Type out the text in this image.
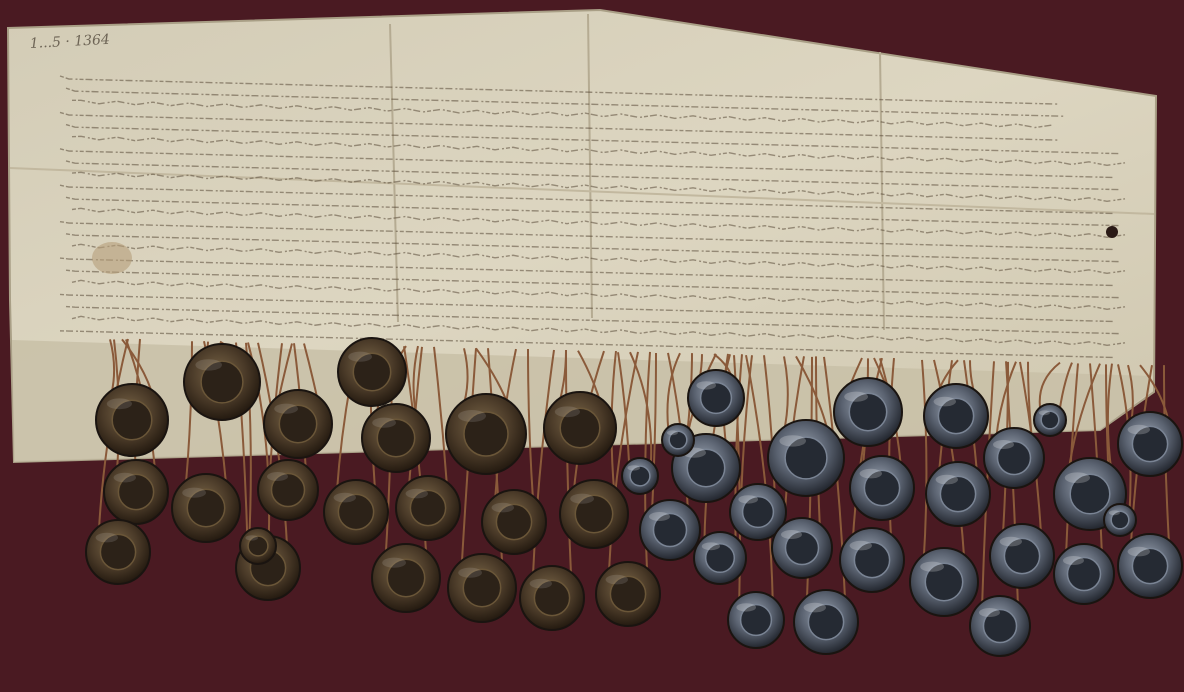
1...5 · 1364
